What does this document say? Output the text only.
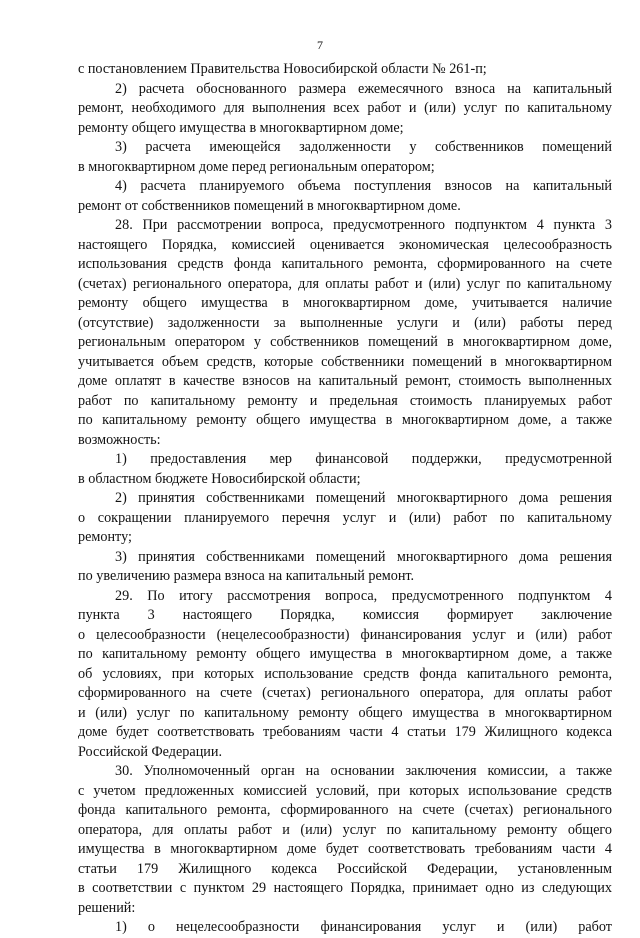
7
с постановлением Правительства Новосибирской области № 261-п;
2) расчета обоснованного размера ежемесячного взноса на капитальный
ремонт, необходимого для выполнения всех работ и (или) услуг по капитальному
ремонту общего имущества в многоквартирном доме;
3) расчета имеющейся задолженности у собственников помещений
в многоквартирном доме перед региональным оператором;
4) расчета планируемого объема поступления взносов на капитальный
ремонт от собственников помещений в многоквартирном доме.
28. При рассмотрении вопроса, предусмотренного подпунктом 4 пункта 3
настоящего Порядка, комиссией оценивается экономическая целесообразность
использования средств фонда капитального ремонта, сформированного на счете
(счетах) регионального оператора, для оплаты работ и (или) услуг по капитальному
ремонту общего имущества в многоквартирном доме, учитывается наличие
(отсутствие) задолженности за выполненные услуги и (или) работы перед
региональным оператором у собственников помещений в многоквартирном доме,
учитывается объем средств, которые собственники помещений в многоквартирном
доме оплатят в качестве взносов на капитальный ремонт, стоимость выполненных
работ по капитальному ремонту и предельная стоимость планируемых работ
по капитальному ремонту общего имущества в многоквартирном доме, а также
возможность:
1) предоставления мер финансовой поддержки, предусмотренной
в областном бюджете Новосибирской области;
2) принятия собственниками помещений многоквартирного дома решения
о сокращении планируемого перечня услуг и (или) работ по капитальному
ремонту;
3) принятия собственниками помещений многоквартирного дома решения
по увеличению размера взноса на капитальный ремонт.
29. По итогу рассмотрения вопроса, предусмотренного подпунктом 4
пункта 3 настоящего Порядка, комиссия формирует заключение
о целесообразности (нецелесообразности) финансирования услуг и (или) работ
по капитальному ремонту общего имущества в многоквартирном доме, а также
об условиях, при которых использование средств фонда капитального ремонта,
сформированного на счете (счетах) регионального оператора, для оплаты работ
и (или) услуг по капитальному ремонту общего имущества в многоквартирном
доме будет соответствовать требованиям части 4 статьи 179 Жилищного кодекса
Российской Федерации.
30. Уполномоченный орган на основании заключения комиссии, а также
с учетом предложенных комиссией условий, при которых использование средств
фонда капитального ремонта, сформированного на счете (счетах) регионального
оператора, для оплаты работ и (или) услуг по капитальному ремонту общего
имущества в многоквартирном доме будет соответствовать требованиям части 4
статьи 179 Жилищного кодекса Российской Федерации, установленным
в соответствии с пунктом 29 настоящего Порядка, принимает одно из следующих
решений:
1) о нецелесообразности финансирования услуг и (или) работ
